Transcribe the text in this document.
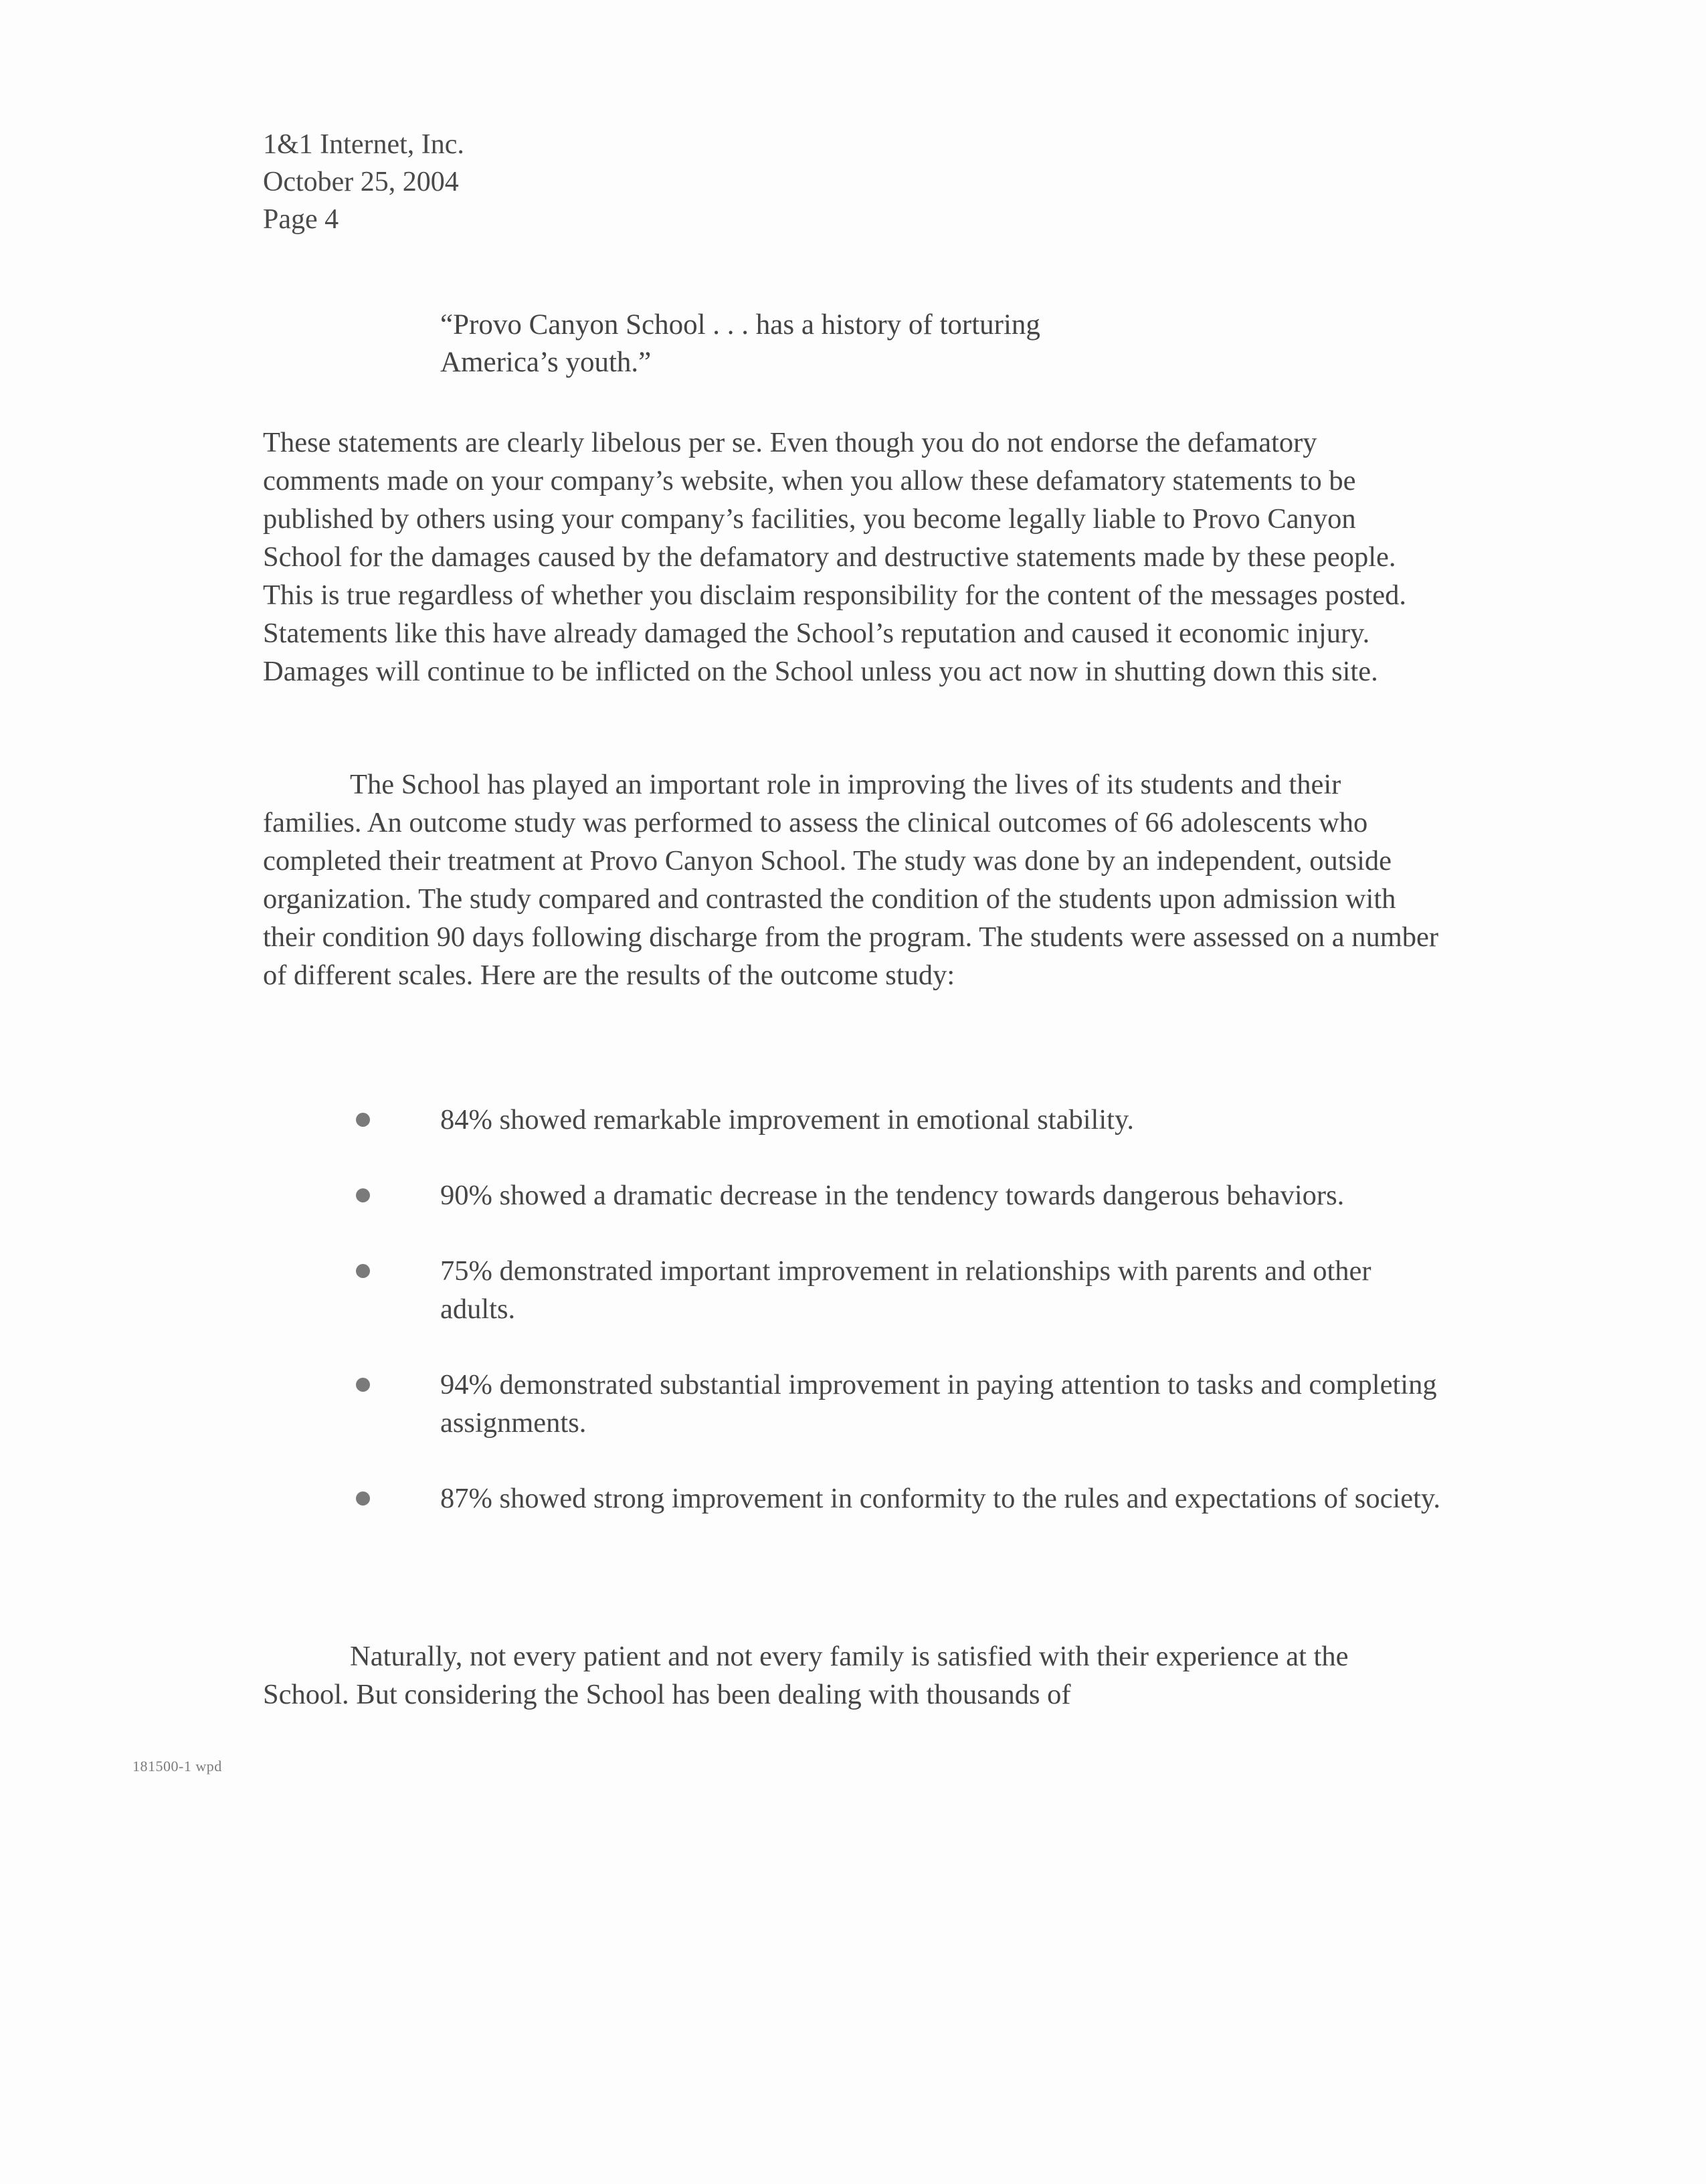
1&1 Internet, Inc.
October 25, 2004
Page 4
“Provo Canyon School . . . has a history of torturing
America’s youth.”
These statements are clearly libelous per se. Even though you do not endorse the defamatory comments made on your company’s website, when you allow these defamatory statements to be published by others using your company’s facilities, you become legally liable to Provo Canyon School for the damages caused by the defamatory and destructive statements made by these people. This is true regardless of whether you disclaim responsibility for the content of the messages posted. Statements like this have already damaged the School’s reputation and caused it economic injury. Damages will continue to be inflicted on the School unless you act now in shutting down this site.
The School has played an important role in improving the lives of its students and their families. An outcome study was performed to assess the clinical outcomes of 66 adolescents who completed their treatment at Provo Canyon School. The study was done by an independent, outside organization. The study compared and contrasted the condition of the students upon admission with their condition 90 days following discharge from the program. The students were assessed on a number of different scales. Here are the results of the outcome study:
84% showed remarkable improvement in emotional stability.
90% showed a dramatic decrease in the tendency towards dangerous behaviors.
75% demonstrated important improvement in relationships with parents and other adults.
94% demonstrated substantial improvement in paying attention to tasks and completing assignments.
87% showed strong improvement in conformity to the rules and expectations of society.
Naturally, not every patient and not every family is satisfied with their experience at the School. But considering the School has been dealing with thousands of
181500-1 wpd
